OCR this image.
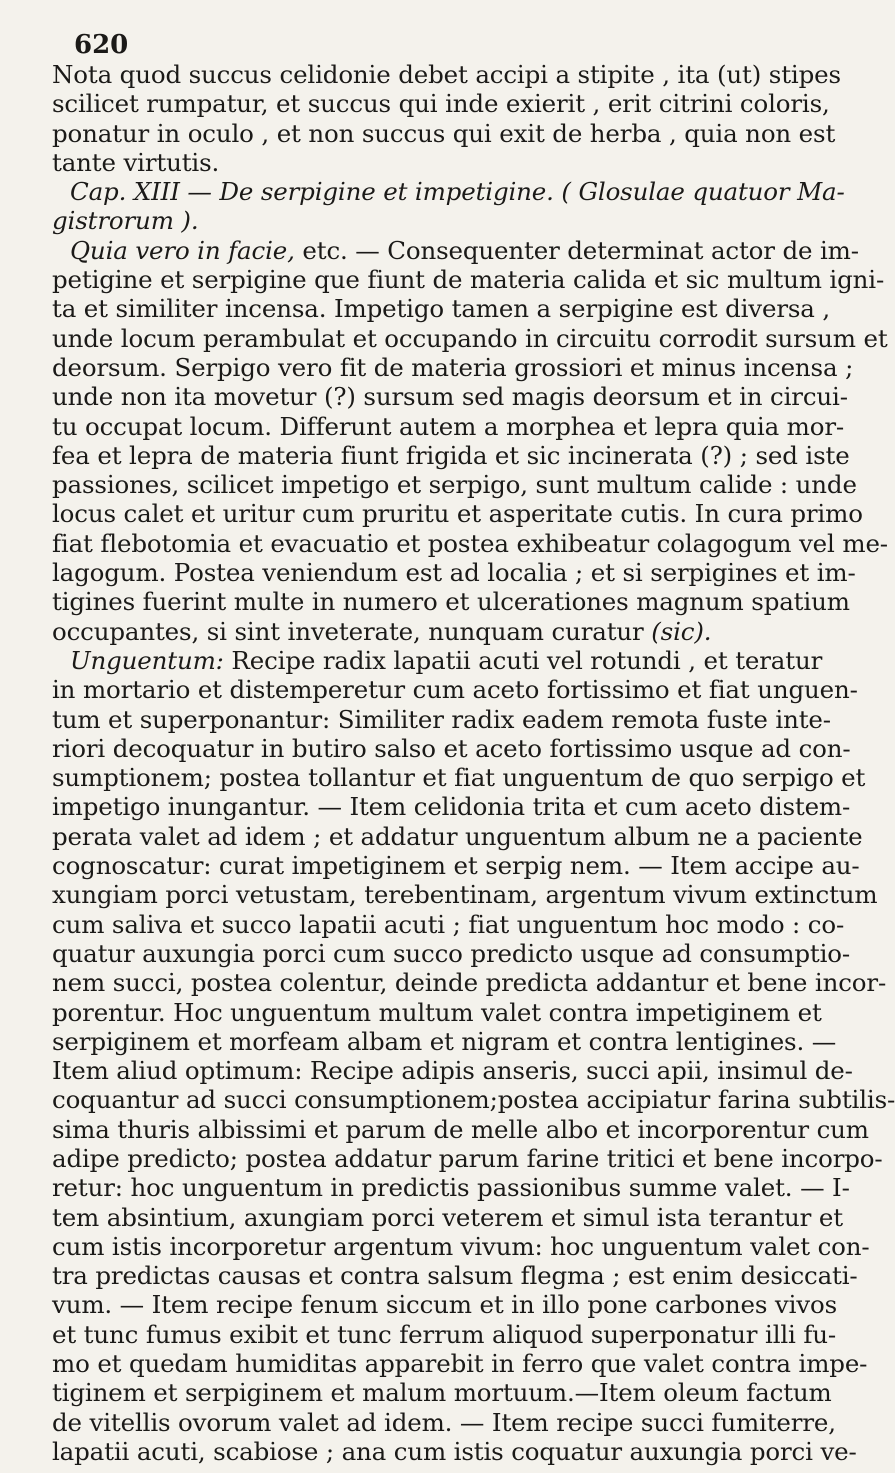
620
Nota quod succus celidonie debet accipi a stipite , ita (ut) stipes
scilicet rumpatur, et succus qui inde exierit , erit citrini coloris,
ponatur in oculo , et non succus qui exit de herba , quia non est
tante virtutis.
Cap. XIII — De serpigine et impetigine. ( Glosulae quatuor Ma-
gistrorum ).
Quia vero in facie, etc. — Consequenter determinat actor de im-
petigine et serpigine que fiunt de materia calida et sic multum igni-
ta et similiter incensa. Impetigo tamen a serpigine est diversa ,
unde locum perambulat et occupando in circuitu corrodit sursum et
deorsum. Serpigo vero fit de materia grossiori et minus incensa ;
unde non ita movetur (?) sursum sed magis deorsum et in circui-
tu occupat locum. Differunt autem a morphea et lepra quia mor-
fea et lepra de materia fiunt frigida et sic incinerata (?) ; sed iste
passiones, scilicet impetigo et serpigo, sunt multum calide : unde
locus calet et uritur cum pruritu et asperitate cutis. In cura primo
fiat flebotomia et evacuatio et postea exhibeatur colagogum vel me-
lagogum. Postea veniendum est ad localia ; et si serpigines et im-
tigines fuerint multe in numero et ulcerationes magnum spatium
occupantes, si sint inveterate, nunquam curatur (sic).
Unguentum: Recipe radix lapatii acuti vel rotundi , et teratur
in mortario et distemperetur cum aceto fortissimo et fiat unguen-
tum et superponantur: Similiter radix eadem remota fuste inte-
riori decoquatur in butiro salso et aceto fortissimo usque ad con-
sumptionem; postea tollantur et fiat unguentum de quo serpigo et
impetigo inungantur. — Item celidonia trita et cum aceto distem-
perata valet ad idem ; et addatur unguentum album ne a paciente
cognoscatur: curat impetiginem et serpig nem. — Item accipe au-
xungiam porci vetustam, terebentinam, argentum vivum extinctum
cum saliva et succo lapatii acuti ; fiat unguentum hoc modo : co-
quatur auxungia porci cum succo predicto usque ad consumptio-
nem succi, postea colentur, deinde predicta addantur et bene incor-
porentur. Hoc unguentum multum valet contra impetiginem et
serpiginem et morfeam albam et nigram et contra lentigines. —
Item aliud optimum: Recipe adipis anseris, succi apii, insimul de-
coquantur ad succi consumptionem;postea accipiatur farina subtilis-
sima thuris albissimi et parum de melle albo et incorporentur cum
adipe predicto; postea addatur parum farine tritici et bene incorpo-
retur: hoc unguentum in predictis passionibus summe valet. — I-
tem absintium, axungiam porci veterem et simul ista terantur et
cum istis incorporetur argentum vivum: hoc unguentum valet con-
tra predictas causas et contra salsum flegma ; est enim desiccati-
vum. — Item recipe fenum siccum et in illo pone carbones vivos
et tunc fumus exibit et tunc ferrum aliquod superponatur illi fu-
mo et quedam humiditas apparebit in ferro que valet contra impe-
tiginem et serpiginem et malum mortuum.—Item oleum factum
de vitellis ovorum valet ad idem. — Item recipe succi fumiterre,
lapatii acuti, scabiose ; ana cum istis coquatur auxungia porci ve-
